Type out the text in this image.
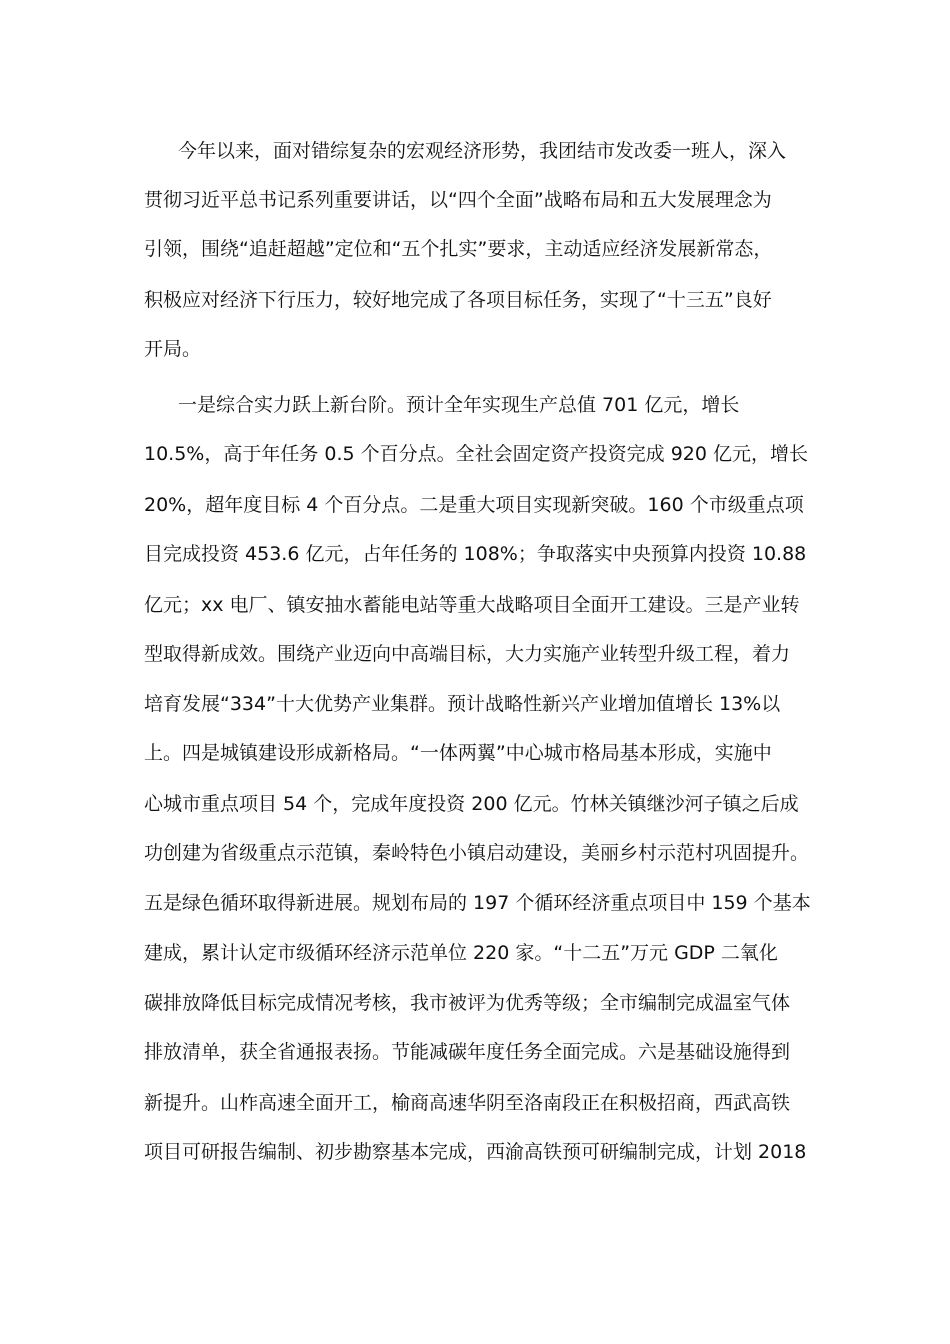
今年以来，面对错综复杂的宏观经济形势，我团结市发改委一班人，深入
贯彻习近平总书记系列重要讲话，以“四个全面”战略布局和五大发展理念为
引领，围绕“追赶超越”定位和“五个扎实”要求，主动适应经济发展新常态，
积极应对经济下行压力，较好地完成了各项目标任务，实现了“十三五”良好
开局。
一是综合实力跃上新台阶。预计全年实现生产总值 701 亿元，增长
10.5%，高于年任务 0.5 个百分点。全社会固定资产投资完成 920 亿元，增长
20%，超年度目标 4 个百分点。二是重大项目实现新突破。160 个市级重点项
目完成投资 453.6 亿元，占年任务的 108%；争取落实中央预算内投资 10.88
亿元；xx 电厂、镇安抽水蓄能电站等重大战略项目全面开工建设。三是产业转
型取得新成效。围绕产业迈向中高端目标，大力实施产业转型升级工程，着力
培育发展“334”十大优势产业集群。预计战略性新兴产业增加值增长 13%以
上。四是城镇建设形成新格局。“一体两翼”中心城市格局基本形成，实施中
心城市重点项目 54 个，完成年度投资 200 亿元。竹林关镇继沙河子镇之后成
功创建为省级重点示范镇，秦岭特色小镇启动建设，美丽乡村示范村巩固提升。
五是绿色循环取得新进展。规划布局的 197 个循环经济重点项目中 159 个基本
建成，累计认定市级循环经济示范单位 220 家。“十二五”万元 GDP 二氧化
碳排放降低目标完成情况考核，我市被评为优秀等级；全市编制完成温室气体
排放清单，获全省通报表扬。节能减碳年度任务全面完成。六是基础设施得到
新提升。山柞高速全面开工，榆商高速华阴至洛南段正在积极招商，西武高铁
项目可研报告编制、初步勘察基本完成，西渝高铁预可研编制完成，计划 2018
